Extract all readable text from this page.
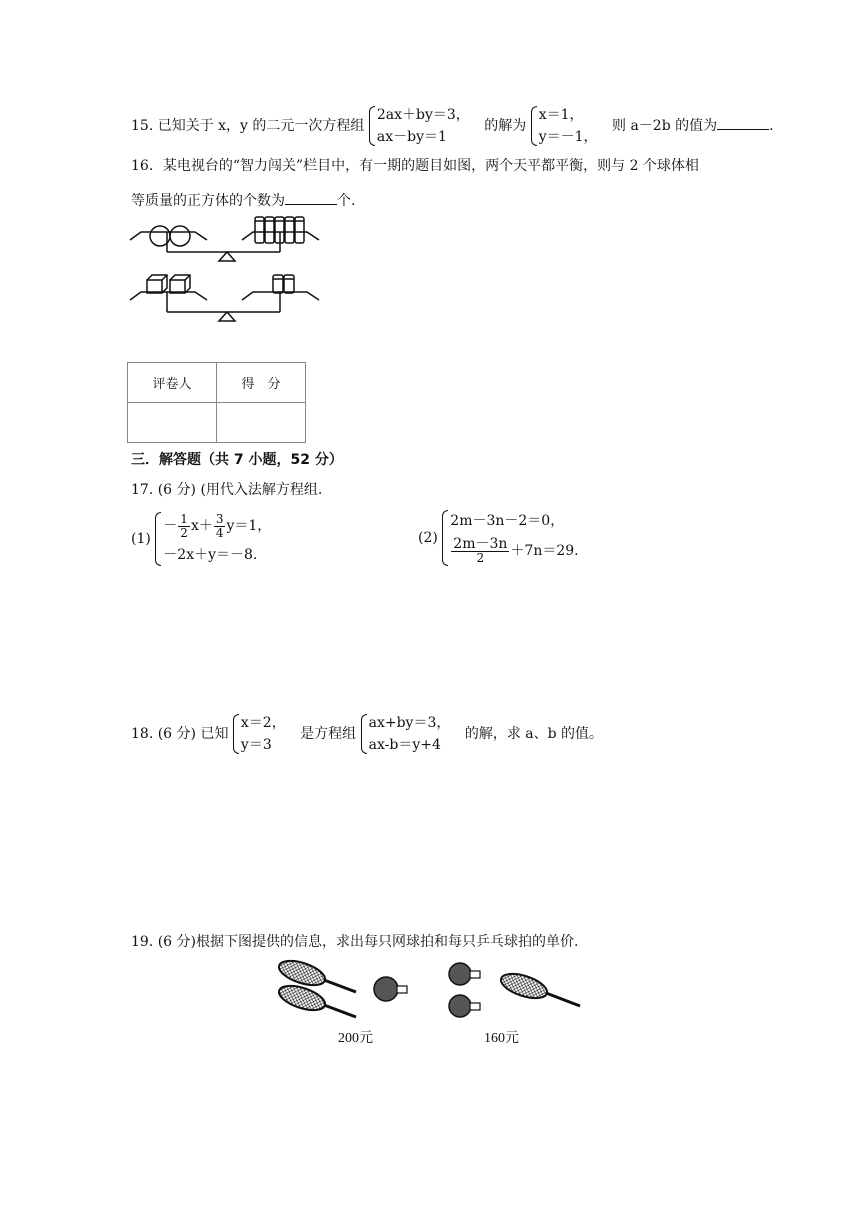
15. 已知关于 x，y 的二元一次方程组
2ax＋by＝3，
ax－by＝1
的解为
x＝1，
y＝－1，
则 a－2b 的值为	.
16．某电视台的“智力闯关”栏目中，有一期的题目如图，两个天平都平衡，则与 2 个球体相
等质量的正方体的个数为	个.
评卷人	得　分

三．解答题（共 7 小题，52 分）
17. (6 分) (用代入法解方程组.
(1)
－ $\frac{1}{2} x+ \frac{3}{4} y=1$，
－2x＋y＝－8.
(2)
2m－3n－2＝0，
$\frac{2m-3n}{2} +7n=29$.
18. (6 分) 已知
x＝2，
y＝3
是方程组
ax+by＝3，
ax-b＝y+4
的解，求 a、b 的值。
19. (6 分)根据下图提供的信息，求出每只网球拍和每只乒乓球拍的单价.
200元	160元
